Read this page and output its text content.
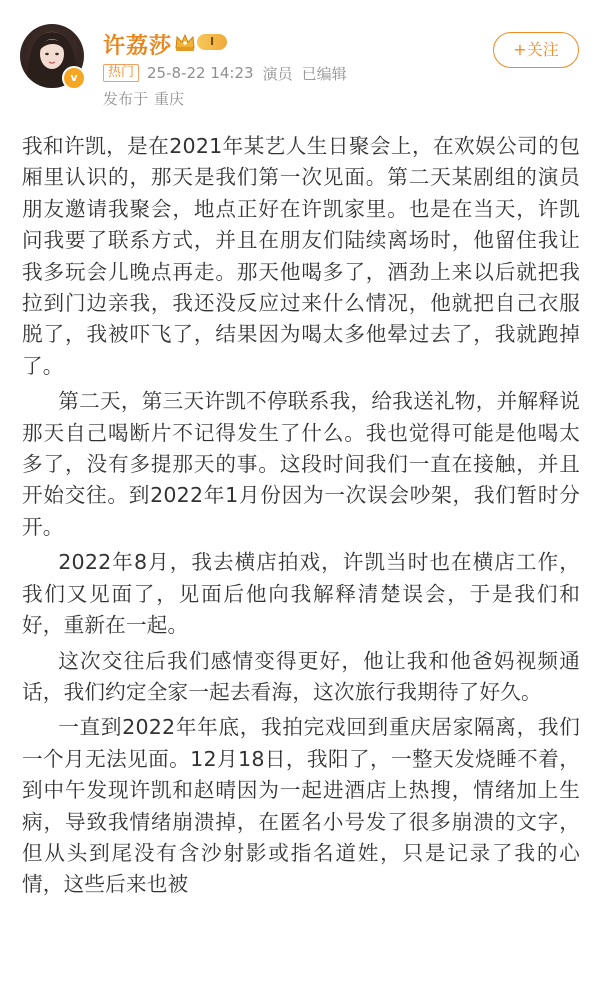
v
许荔莎	I	+关注
热门 25-8-22 14:23 演员 已编辑
发布于 重庆

我和许凯，是在2021年某艺人生日聚会上，在欢娱公司的包厢里认识的，那天是我们第一次见面。第二天某剧组的演员朋友邀请我聚会，地点正好在许凯家里。也是在当天，许凯问我要了联系方式，并且在朋友们陆续离场时，他留住我让我多玩会儿晚点再走。那天他喝多了，酒劲上来以后就把我拉到门边亲我，我还没反应过来什么情况，他就把自己衣服脱了，我被吓飞了，结果因为喝太多他晕过去了，我就跑掉了。

第二天，第三天许凯不停联系我，给我送礼物，并解释说那天自己喝断片不记得发生了什么。我也觉得可能是他喝太多了，没有多提那天的事。这段时间我们一直在接触，并且开始交往。到2022年1月份因为一次误会吵架，我们暂时分开。

2022年8月，我去横店拍戏，许凯当时也在横店工作，我们又见面了，见面后他向我解释清楚误会，于是我们和好，重新在一起。

这次交往后我们感情变得更好，他让我和他爸妈视频通话，我们约定全家一起去看海，这次旅行我期待了好久。

一直到2022年年底，我拍完戏回到重庆居家隔离，我们一个月无法见面。12月18日，我阳了，一整天发烧睡不着，到中午发现许凯和赵晴因为一起进酒店上热搜，情绪加上生病，导致我情绪崩溃掉，在匿名小号发了很多崩溃的文字，但从头到尾没有含沙射影或指名道姓，只是记录了我的心情，这些后来也被
